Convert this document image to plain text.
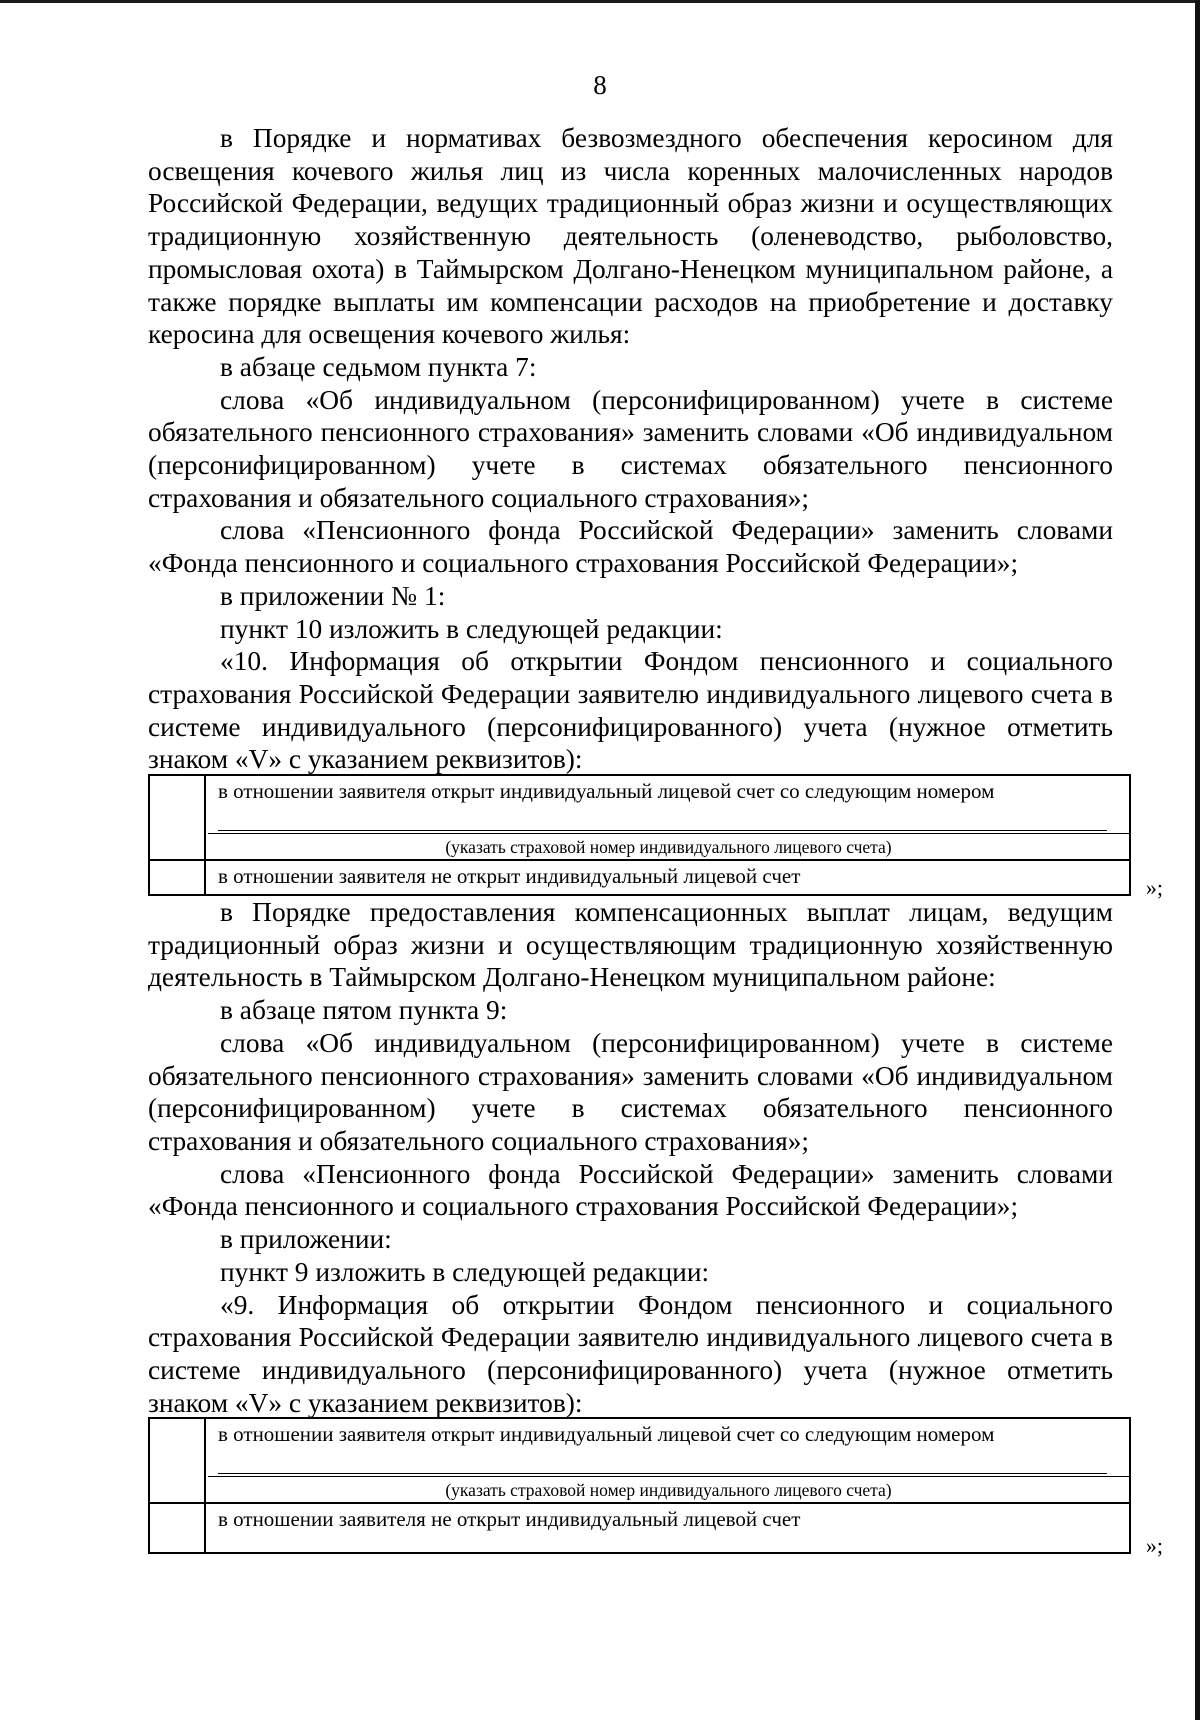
8

в Порядке и нормативах безвозмездного обеспечения керосином для освещения кочевого жилья лиц из числа коренных малочисленных народов Российской Федерации, ведущих традиционный образ жизни и осуществляющих традиционную хозяйственную деятельность (оленеводство, рыболовство, промысловая охота) в Таймырском Долгано-Ненецком муниципальном районе, а также порядке выплаты им компенсации расходов на приобретение и доставку керосина для освещения кочевого жилья:

в абзаце седьмом пункта 7:

слова «Об индивидуальном (персонифицированном) учете в системе обязательного пенсионного страхования» заменить словами «Об индивидуальном (персонифицированном) учете в системах обязательного пенсионного страхования и обязательного социального страхования»;

слова «Пенсионного фонда Российской Федерации» заменить словами «Фонда пенсионного и социального страхования Российской Федерации»;

в приложении № 1:

пункт 10 изложить в следующей редакции:

«10. Информация об открытии Фондом пенсионного и социального страхования Российской Федерации заявителю индивидуального лицевого счета в системе индивидуального (персонифицированного) учета (нужное отметить знаком «V» с указанием реквизитов):

	в отношении заявителя открыт индивидуальный лицевой счет со следующим номером
(указать страховой номер индивидуального лицевого счета)

	в отношении заявителя не открыт индивидуальный лицевой счет	»;

в Порядке предоставления компенсационных выплат лицам, ведущим традиционный образ жизни и осуществляющим традиционную хозяйственную деятельность в Таймырском Долгано-Ненецком муниципальном районе:

в абзаце пятом пункта 9:

слова «Об индивидуальном (персонифицированном) учете в системе обязательного пенсионного страхования» заменить словами «Об индивидуальном (персонифицированном) учете в системах обязательного пенсионного страхования и обязательного социального страхования»;

слова «Пенсионного фонда Российской Федерации» заменить словами «Фонда пенсионного и социального страхования Российской Федерации»;

в приложении:

пункт 9 изложить в следующей редакции:

«9. Информация об открытии Фондом пенсионного и социального страхования Российской Федерации заявителю индивидуального лицевого счета в системе индивидуального (персонифицированного) учета (нужное отметить знаком «V» с указанием реквизитов):

	в отношении заявителя открыт индивидуальный лицевой счет со следующим номером
(указать страховой номер индивидуального лицевого счета)

	в отношении заявителя не открыт индивидуальный лицевой счет
»;
